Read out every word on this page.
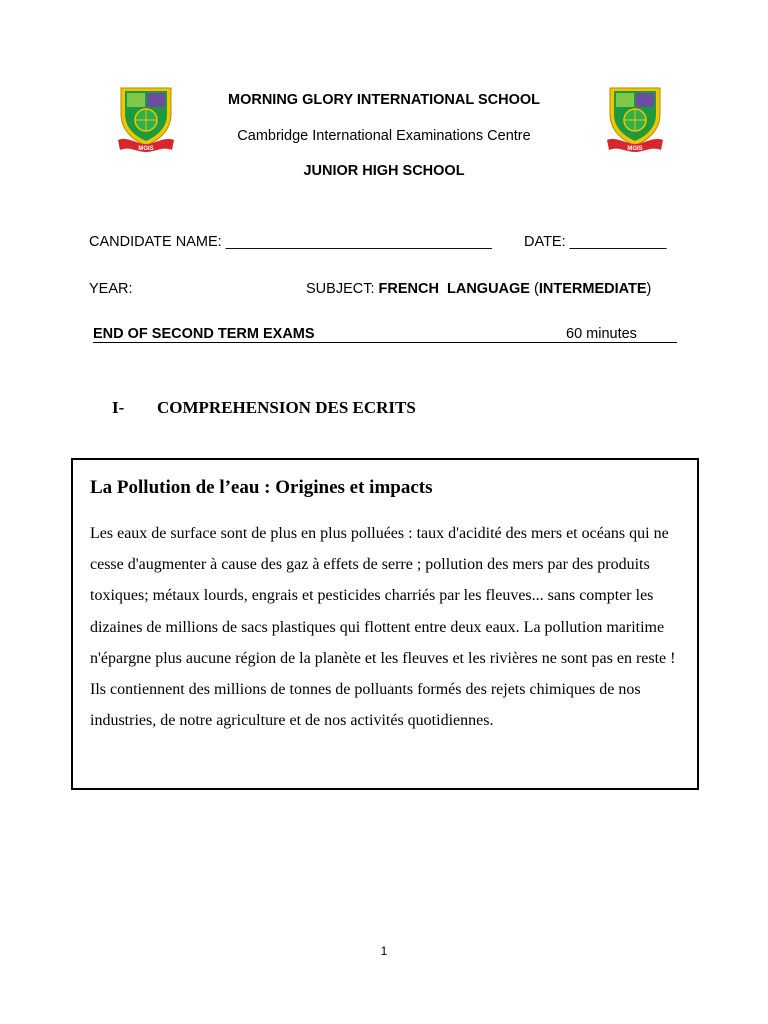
MGIS	MGIS
MORNING GLORY INTERNATIONAL SCHOOL
Cambridge International Examinations Centre
JUNIOR HIGH SCHOOL
CANDIDATE NAME: _________________________________ DATE: ____________
YEAR:	SUBJECT: FRENCH  LANGUAGE (INTERMEDIATE)
END OF SECOND TERM EXAMS	60 minutes
I- COMPREHENSION DES ECRITS
La Pollution de l’eau : Origines et impacts

Les eaux de surface sont de plus en plus polluées : taux d'acidité des mers et océans qui ne cesse d'augmenter à cause des gaz à effets de serre ; pollution des mers par des produits toxiques; métaux lourds, engrais et pesticides charriés par les fleuves... sans compter les dizaines de millions de sacs plastiques qui flottent entre deux eaux. La pollution maritime n'épargne plus aucune région de la planète et les fleuves et les rivières ne sont pas en reste ! Ils contiennent des millions de tonnes de polluants formés des rejets chimiques de nos industries, de notre agriculture et de nos activités quotidiennes.

1
